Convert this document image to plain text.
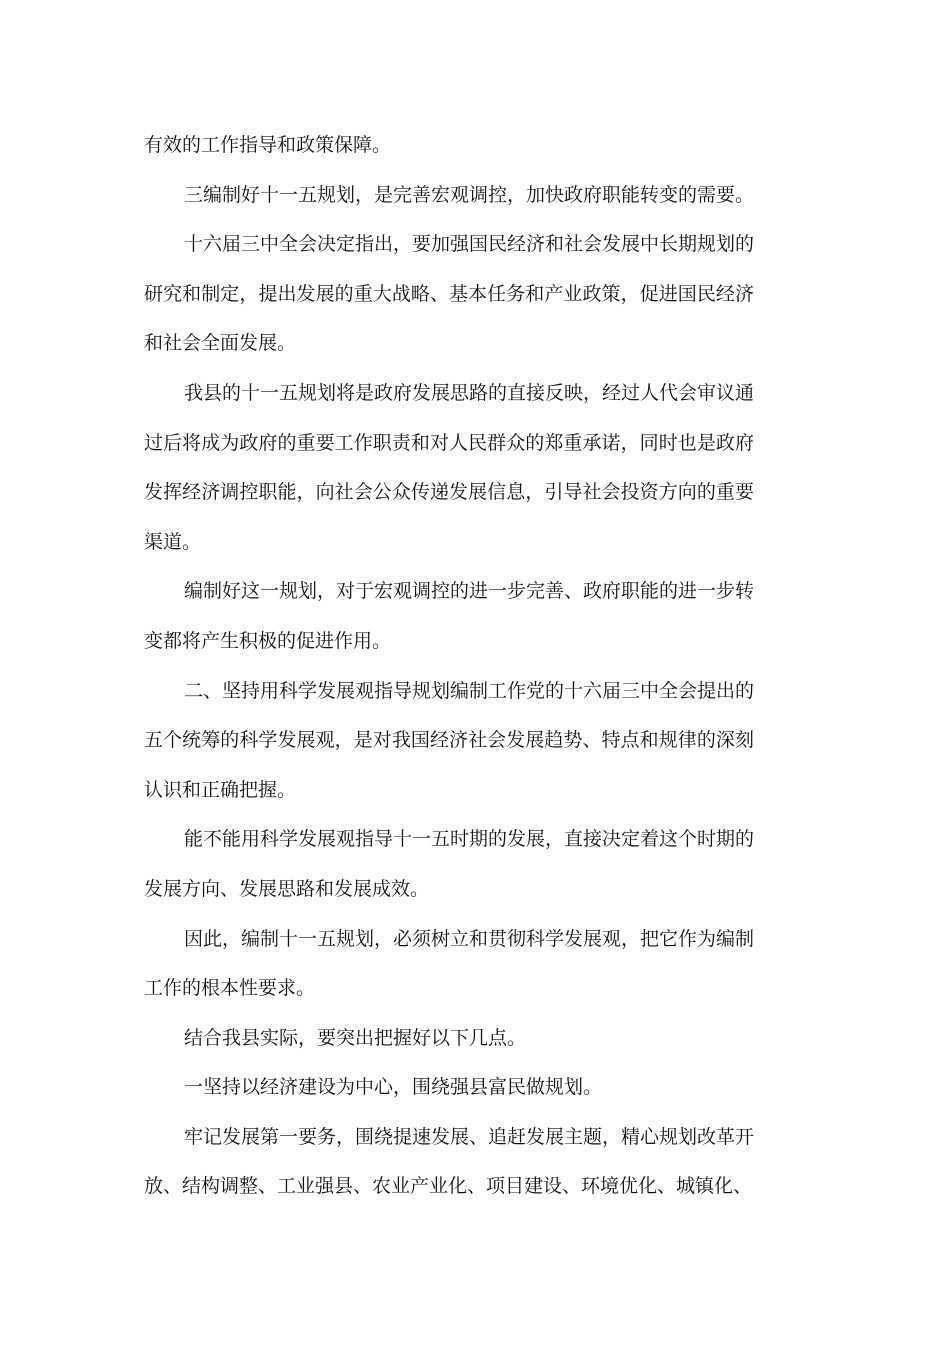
有效的工作指导和政策保障。

三编制好十一五规划，是完善宏观调控，加快政府职能转变的需要。

十六届三中全会决定指出，要加强国民经济和社会发展中长期规划的研究和制定，提出发展的重大战略、基本任务和产业政策，促进国民经济和社会全面发展。

我县的十一五规划将是政府发展思路的直接反映，经过人代会审议通过后将成为政府的重要工作职责和对人民群众的郑重承诺，同时也是政府发挥经济调控职能，向社会公众传递发展信息，引导社会投资方向的重要渠道。

编制好这一规划，对于宏观调控的进一步完善、政府职能的进一步转变都将产生积极的促进作用。

二、坚持用科学发展观指导规划编制工作党的十六届三中全会提出的五个统筹的科学发展观，是对我国经济社会发展趋势、特点和规律的深刻认识和正确把握。

能不能用科学发展观指导十一五时期的发展，直接决定着这个时期的发展方向、发展思路和发展成效。

因此，编制十一五规划，必须树立和贯彻科学发展观，把它作为编制工作的根本性要求。

结合我县实际，要突出把握好以下几点。

一坚持以经济建设为中心，围绕强县富民做规划。

牢记发展第一要务，围绕提速发展、追赶发展主题，精心规划改革开放、结构调整、工业强县、农业产业化、项目建设、环境优化、城镇化、
